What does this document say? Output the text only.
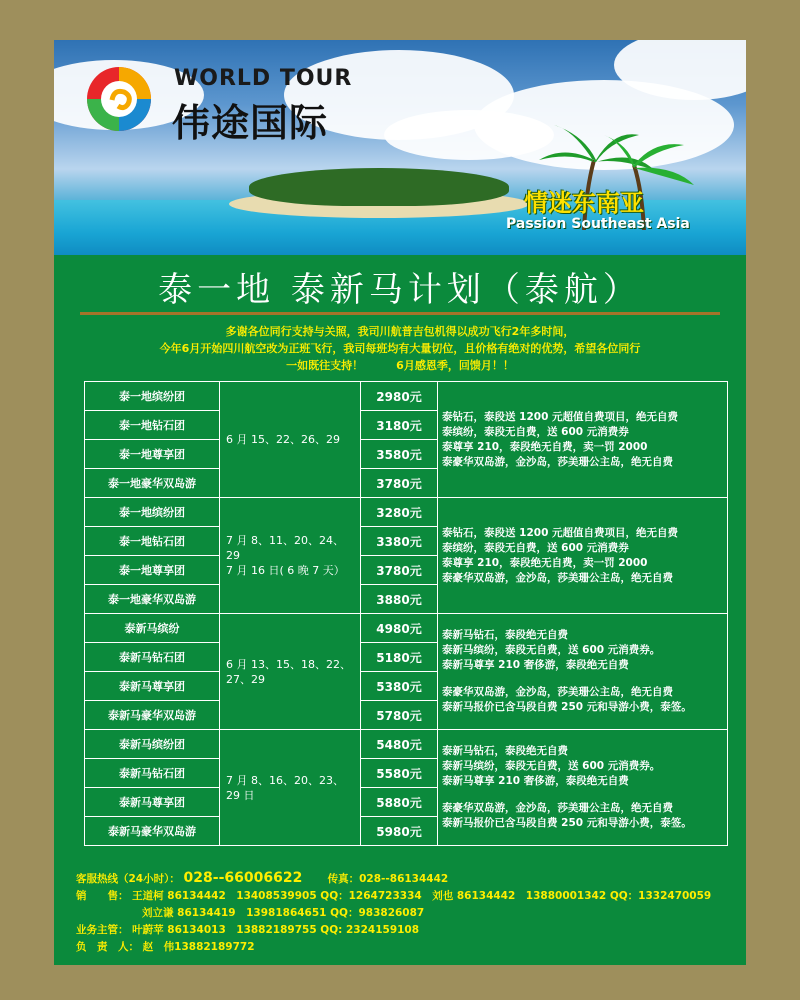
WORLD TOUR
伟途国际
情迷东南亚
Passion Southeast Asia
泰一地 泰新马计划（泰航）
多谢各位同行支持与关照，我司川航普吉包机得以成功飞行2年多时间，
今年6月开始四川航空改为正班飞行，我司每班均有大量切位，且价格有绝对的优势，希望各位同行
一如既往支持！　　　6月感恩季，回馈月！！
泰一地缤纷团	6 月 15、22、26、29	2980元	泰钻石，泰段送 1200 元超值自费项目，绝无自费
泰缤纷，泰段无自费，送 600 元消费券
泰尊享 210，泰段绝无自费，卖一罚 2000
泰豪华双岛游，金沙岛，莎美珊公主岛，绝无自费

泰一地钻石团		3180元	
泰一地尊享团		3580元	
泰一地豪华双岛游		3780元	
泰一地缤纷团	7 月 8、11、20、24、
29
7 月 16 日( 6 晚 7 天）	3280元	泰钻石，泰段送 1200 元超值自费项目，绝无自费
泰缤纷，泰段无自费，送 600 元消费券
泰尊享 210，泰段绝无自费，卖一罚 2000
泰豪华双岛游，金沙岛，莎美珊公主岛，绝无自费

泰一地钻石团		3380元	
泰一地尊享团		3780元	
泰一地豪华双岛游		3880元	
泰新马缤纷	6 月 13、15、18、22、
27、29	4980元	泰新马钻石，泰段绝无自费
泰新马缤纷，泰段无自费，送 600 元消费券。
泰新马尊享 210 奢侈游，泰段绝无自费
泰豪华双岛游，金沙岛，莎美珊公主岛，绝无自费
泰新马报价已含马段自费 250 元和导游小费，泰签。

泰新马钻石团		5180元	
泰新马尊享团		5380元	
泰新马豪华双岛游		5780元	
泰新马缤纷团	7 月 8、16、20、23、
29 日	5480元	泰新马钻石，泰段绝无自费
泰新马缤纷，泰段无自费，送 600 元消费券。
泰新马尊享 210 奢侈游，泰段绝无自费
泰豪华双岛游，金沙岛，莎美珊公主岛，绝无自费
泰新马报价已含马段自费 250 元和导游小费，泰签。

泰新马钻石团		5580元	
泰新马尊享团		5880元	
泰新马豪华双岛游		5980元	
客服热线（24小时）： 028--66006622 传真：028--86134442
销　　售： 王道柯 86134442　13408539905 QQ：1264723334　刘也 86134442　13880001342 QQ：1332470059
刘立谦 86134419　13981864651 QQ：983826087
业务主管： 叶蔚苹 86134013　13882189755 QQ: 2324159108
负　责　人： 赵　伟13882189772
